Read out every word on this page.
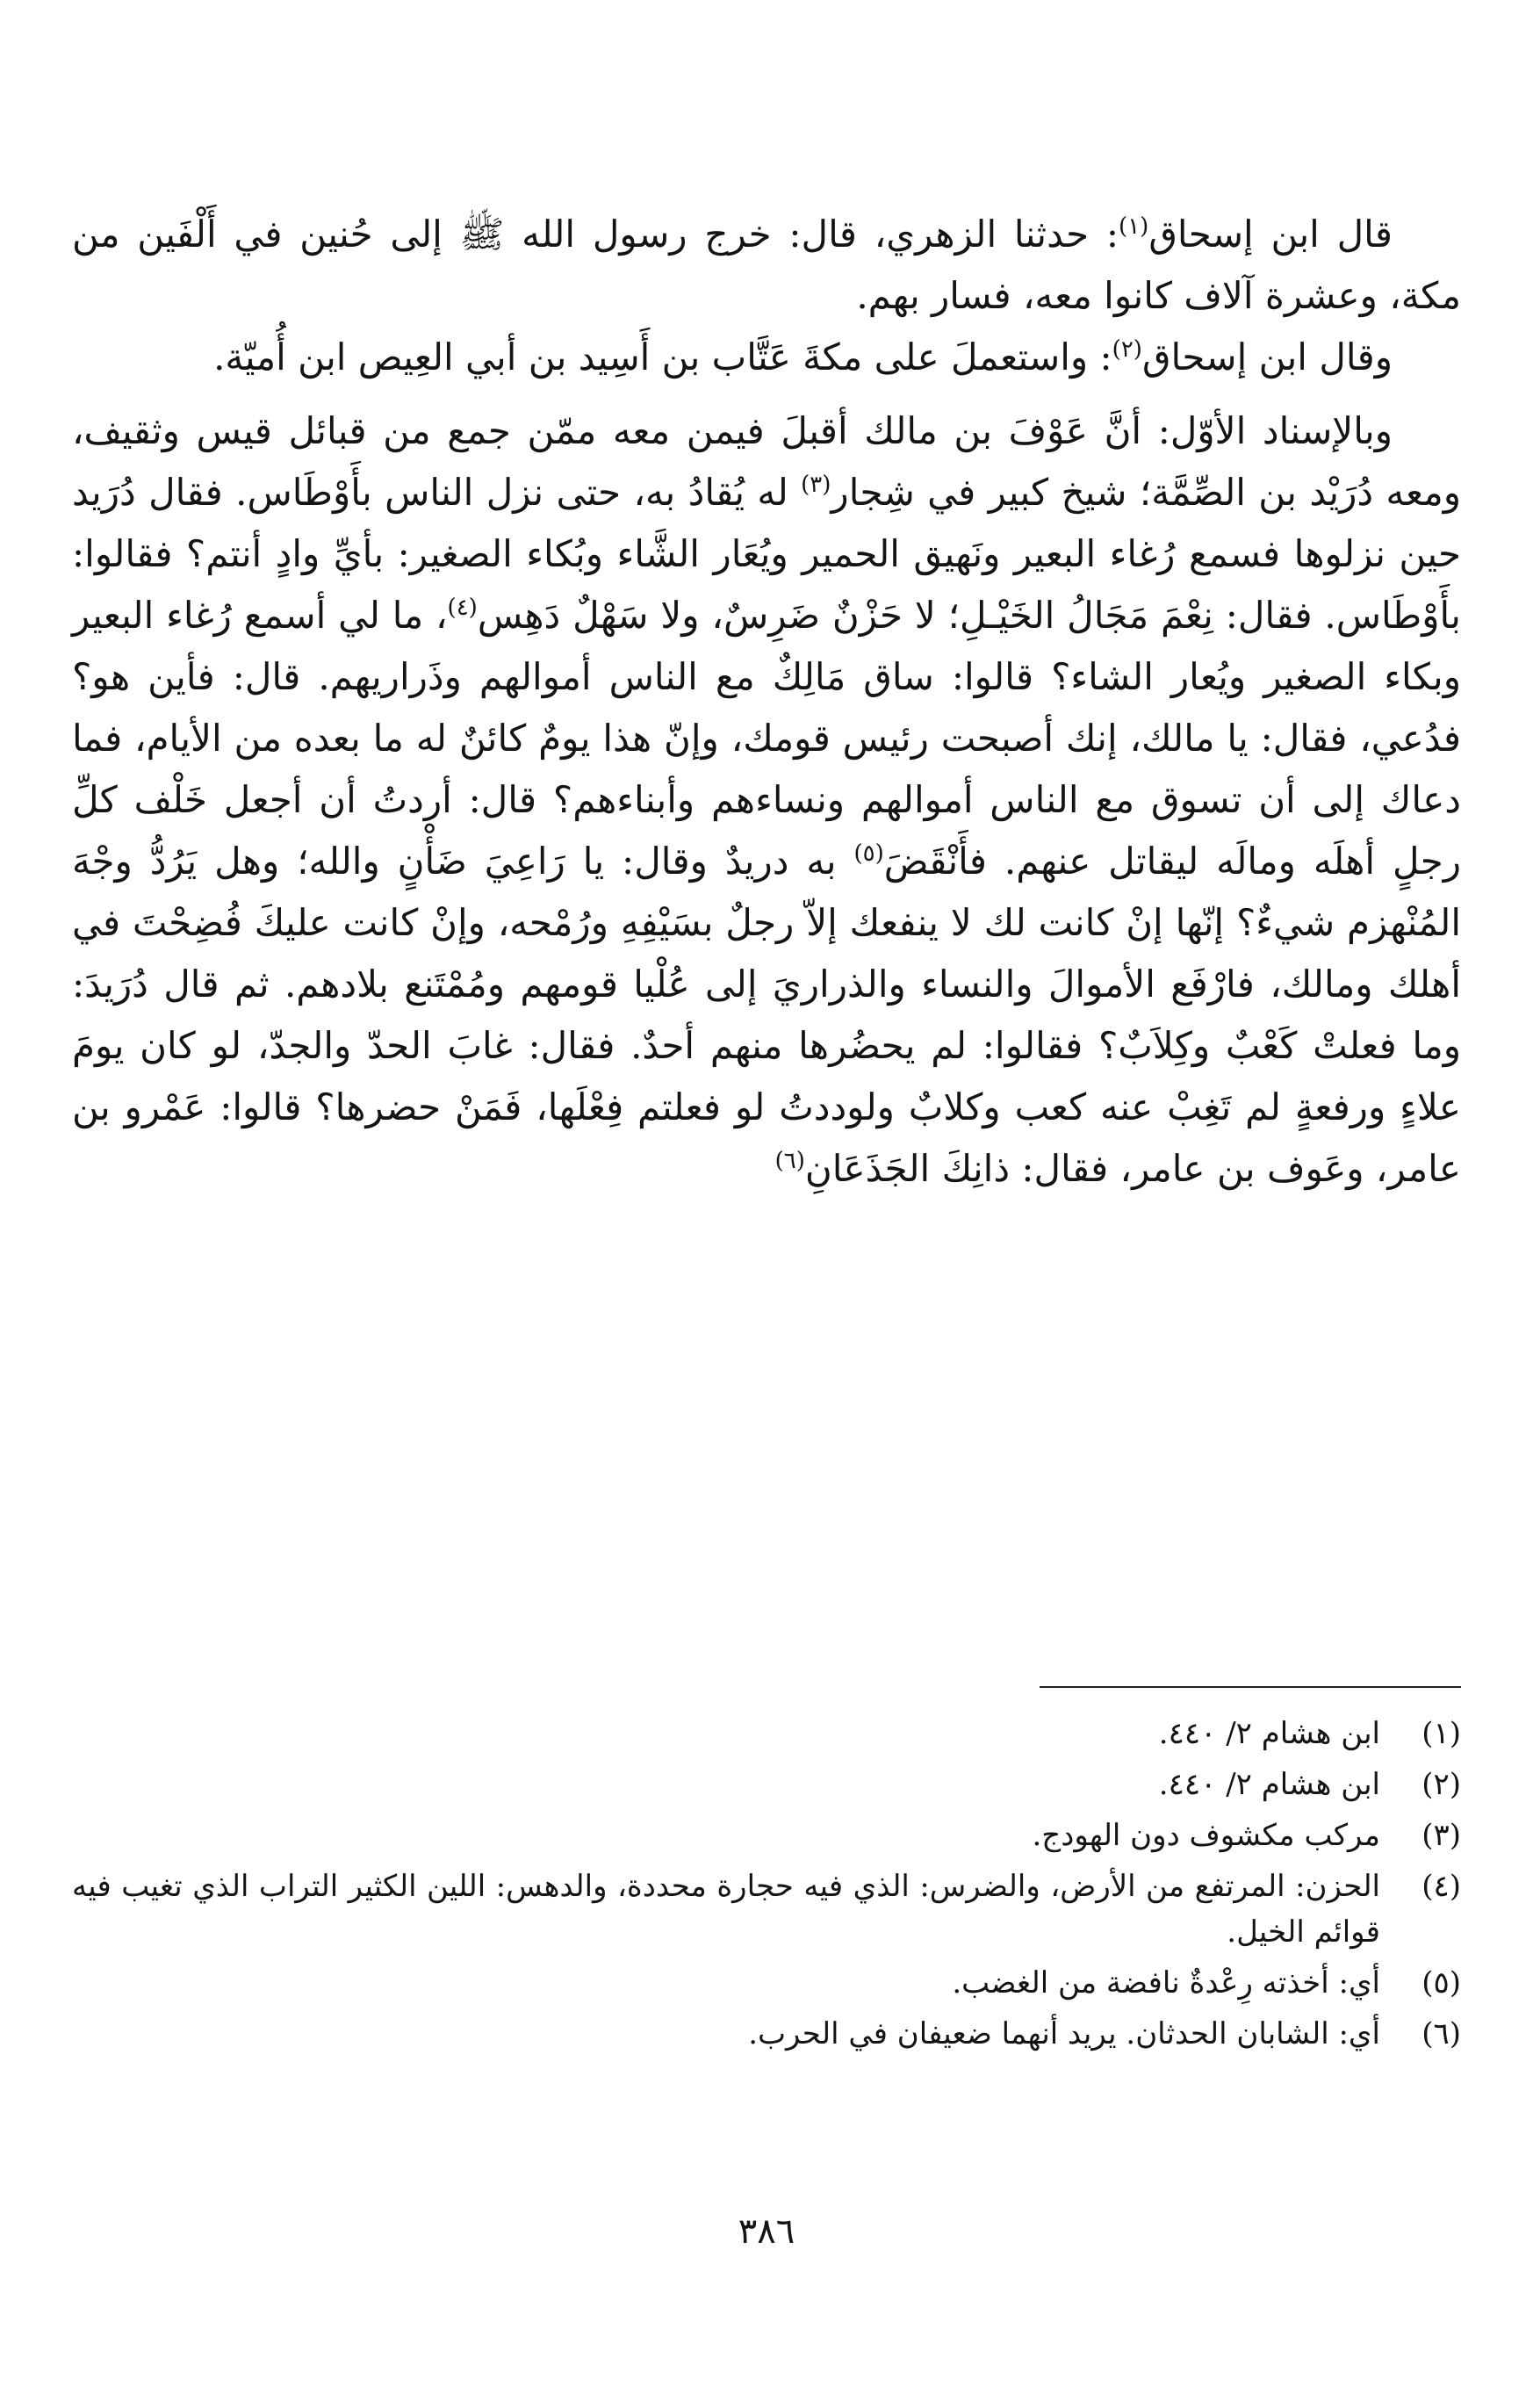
قال ابن إسحاق$^{(١)}$: حدثنا الزهري، قال: خرج رسول الله ﷺ إلى حُنين في أَلْفَين من مكة، وعشرة آلاف كانوا معه، فسار بهم.

وقال ابن إسحاق$^{(٢)}$: واستعملَ على مكةَ عَتَّاب بن أَسِيد بن أبي العِيص ابن أُميّة.

وبالإسناد الأوّل: أنَّ عَوْفَ بن مالك أقبلَ فيمن معه ممّن جمع من قبائل قيس وثقيف، ومعه دُرَيْد بن الصِّمَّة؛ شيخ كبير في شِجار$^{(٣)}$ له يُقادُ به، حتى نزل الناس بأَوْطَاس. فقال دُرَيد حين نزلوها فسمع رُغاء البعير ونَهيق الحمير ويُعَار الشَّاء وبُكاء الصغير: بأيِّ وادٍ أنتم؟ فقالوا: بأَوْطَاس. فقال: نِعْمَ مَجَالُ الخَيْـلِ؛ لا حَزْنٌ ضَرِسٌ، ولا سَهْلٌ دَهِس$^{(٤)}$، ما لي أسمع رُغاء البعير وبكاء الصغير ويُعار الشاء؟ قالوا: ساق مَالِكٌ مع الناس أموالهم وذَراريهم. قال: فأين هو؟ فدُعي، فقال: يا مالك، إنك أصبحت رئيس قومك، وإنّ هذا يومٌ كائنٌ له ما بعده من الأيام، فما دعاك إلى أن تسوق مع الناس أموالهم ونساءهم وأبناءهم؟ قال: أردتُ أن أجعل خَلْف كلِّ رجلٍ أهلَه ومالَه ليقاتل عنهم. فأَنْقَضَ$^{(٥)}$ به دريدٌ وقال: يا رَاعِيَ ضَأْنٍ والله؛ وهل يَرُدُّ وجْهَ المُنْهزم شيءٌ؟ إنّها إنْ كانت لك لا ينفعك إلاّ رجلٌ بسَيْفِهِ ورُمْحه، وإنْ كانت عليكَ فُضِحْتَ في أهلك ومالك، فارْفَع الأموالَ والنساء والذراريَ إلى عُلْيا قومهم ومُمْتَنع بلادهم. ثم قال دُرَيدَ: وما فعلتْ كَعْبٌ وكِلاَبٌ؟ فقالوا: لم يحضُرها منهم أحدٌ. فقال: غابَ الحدّ والجدّ، لو كان يومَ علاءٍ ورفعةٍ لم تَغِبْ عنه كعب وكلابٌ ولوددتُ لو فعلتم فِعْلَها، فَمَنْ حضرها؟ قالوا: عَمْرو بن عامر، وعَوف بن عامر، فقال: ذانِكَ الجَذَعَانِ$^{(٦)}$

(١)
ابن هشام ٢/ ٤٤٠.
(٢)
ابن هشام ٢/ ٤٤٠.
(٣)
مركب مكشوف دون الهودج.
(٤)
الحزن: المرتفع من الأرض، والضرس: الذي فيه حجارة محددة، والدهس: اللين الكثير التراب الذي تغيب فيه قوائم الخيل.
(٥)
أي: أخذته رِعْدةٌ نافضة من الغضب.
(٦)
أي: الشابان الحدثان. يريد أنهما ضعيفان في الحرب.
٣٨٦
